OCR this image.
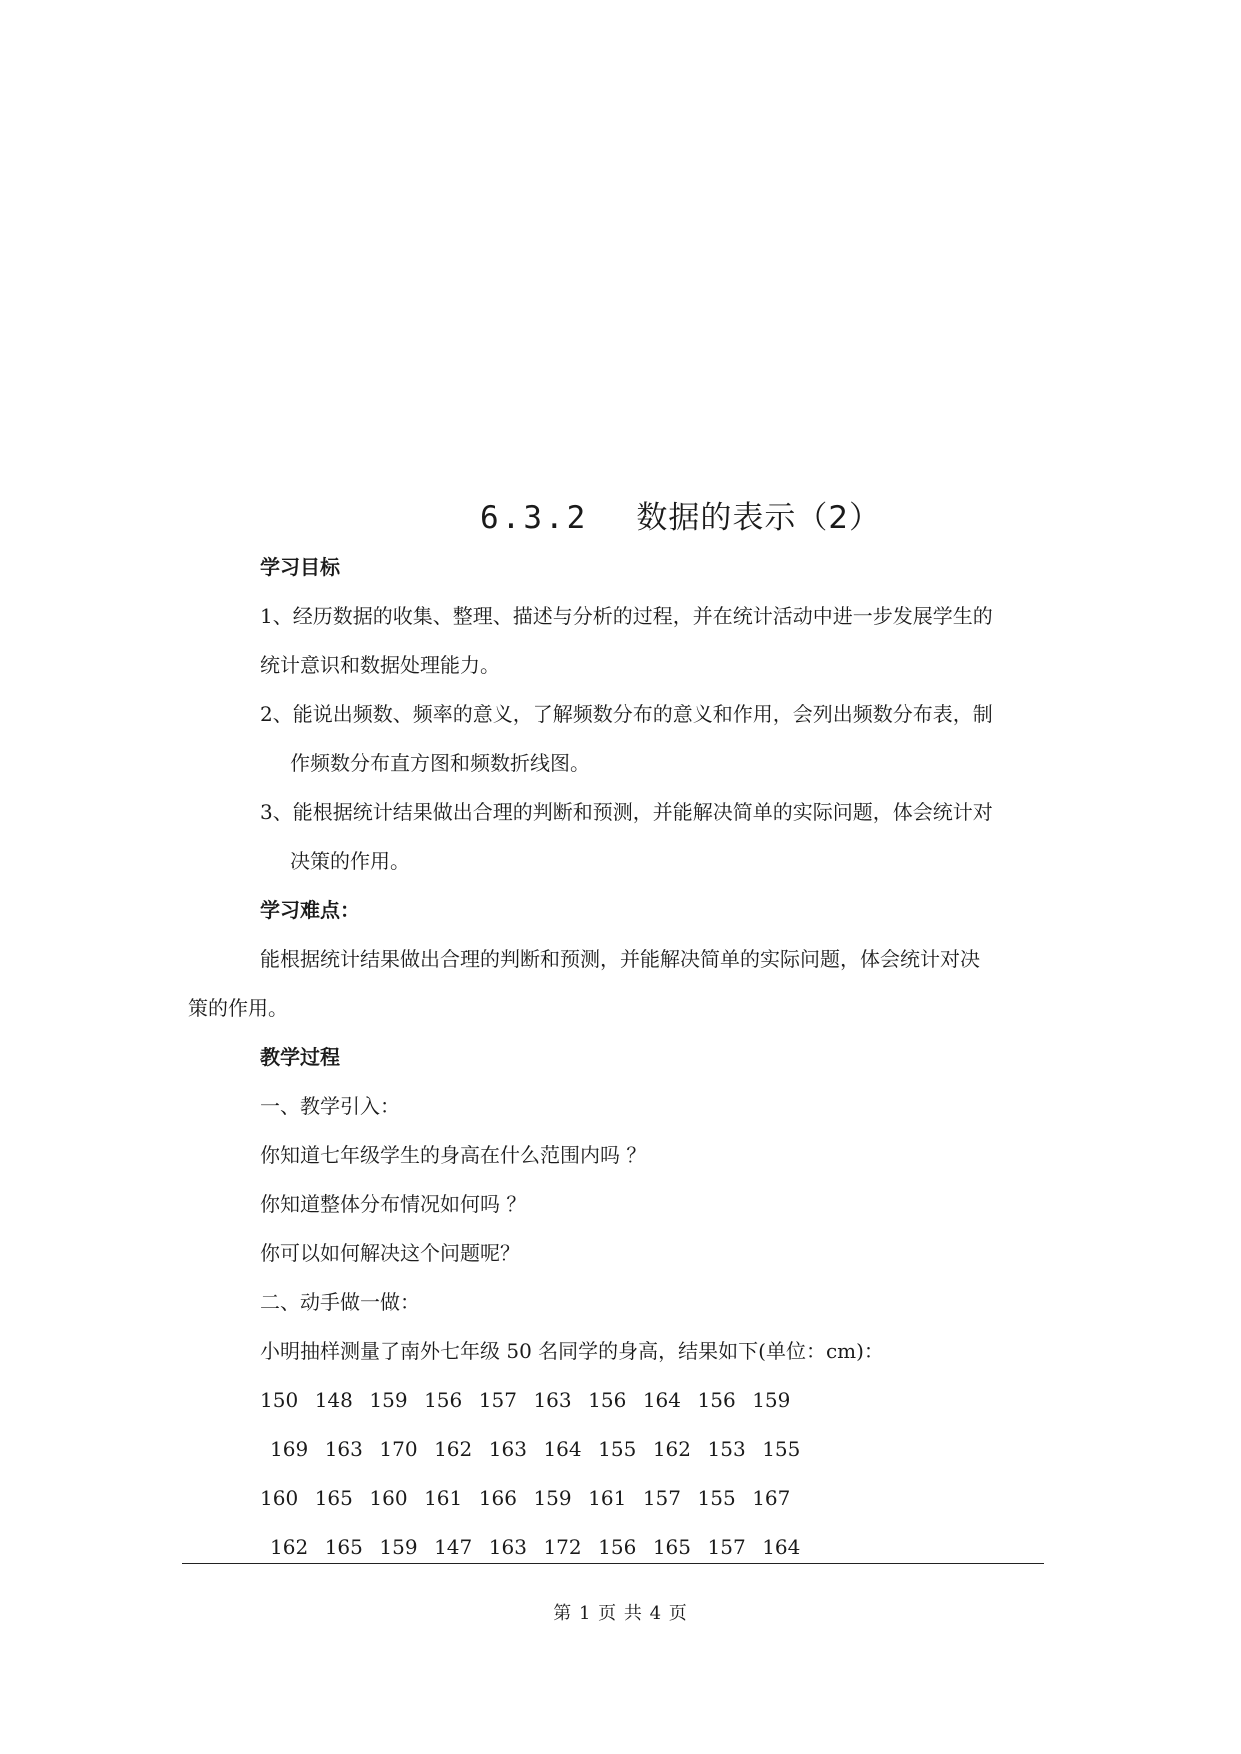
6.3.2 数据的表示（2）
学习目标
1、经历数据的收集、整理、描述与分析的过程，并在统计活动中进一步发展学生的
统计意识和数据处理能力。
2、能说出频数、频率的意义，了解频数分布的意义和作用，会列出频数分布表，制
作频数分布直方图和频数折线图。
3、能根据统计结果做出合理的判断和预测，并能解决简单的实际问题，体会统计对
决策的作用。
学习难点：
能根据统计结果做出合理的判断和预测，并能解决简单的实际问题，体会统计对决
策的作用。
教学过程
一、教学引入：
你知道七年级学生的身高在什么范围内吗 ？
你知道整体分布情况如何吗 ？
你可以如何解决这个问题呢？
二、动手做一做：
小明抽样测量了南外七年级 50 名同学的身高，结果如下(单位：cm)：
150 148 159 156 157 163 156 164 156 159
169 163 170 162 163 164 155 162 153 155
160 165 160 161 166 159 161 157 155 167
162 165 159 147 163 172 156 165 157 164
第 1 页 共 4 页
